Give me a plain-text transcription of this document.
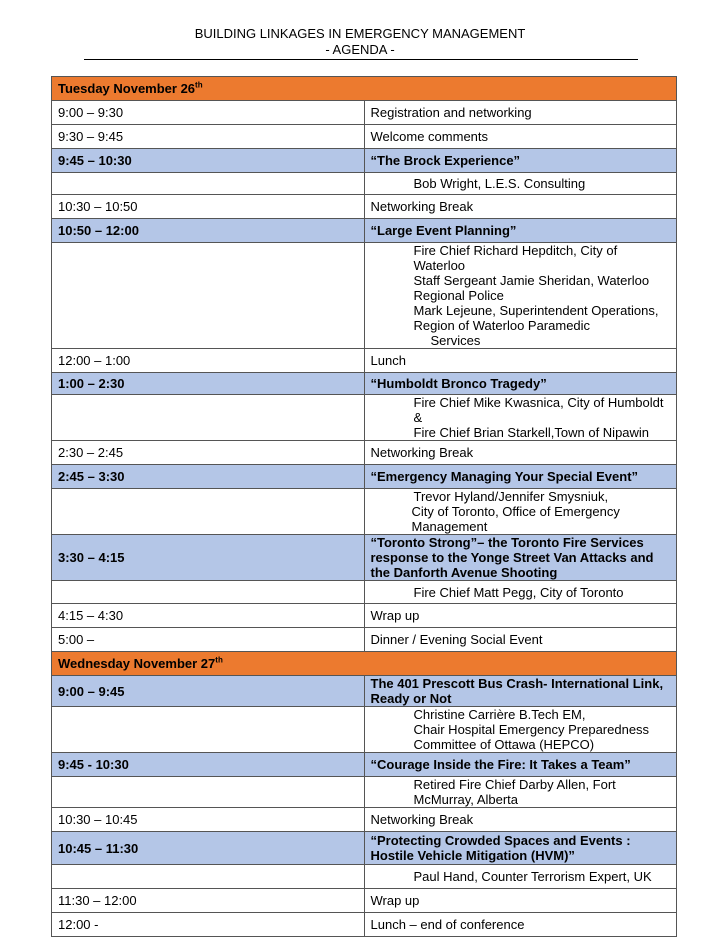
BUILDING LINKAGES IN EMERGENCY MANAGEMENT
- AGENDA -
Tuesday November 26th
9:00 – 9:30	Registration and networking
9:30 – 9:45	Welcome comments
9:45 – 10:30	“The Brock Experience”

	Bob Wright, L.E.S. Consulting

10:30 – 10:50	Networking Break
10:50 – 12:00	“Large Event Planning”

	Fire Chief Richard Hepditch, City of Waterloo
Staff Sergeant Jamie Sheridan, Waterloo Regional Police
Mark Lejeune, Superintendent Operations, Region of Waterloo Paramedic
Services

12:00 – 1:00	Lunch
1:00 – 2:30	“Humboldt Bronco Tragedy”

	Fire Chief Mike Kwasnica, City of Humboldt &
Fire Chief Brian Starkell,Town of Nipawin

2:30 – 2:45	Networking Break
2:45 – 3:30	“Emergency Managing Your Special Event”

	Trevor Hyland/Jennifer Smysniuk,
City of Toronto, Office of Emergency Management

3:30 – 4:15	“Toronto Strong”– the Toronto Fire Services response to the Yonge Street Van Attacks and the Danforth Avenue Shooting

	Fire Chief Matt Pegg, City of Toronto

4:15 – 4:30	Wrap up
5:00 –	Dinner / Evening Social Event
Wednesday November 27th
9:00 – 9:45	The 401 Prescott Bus Crash- International Link, Ready or Not

	Christine Carrière B.Tech EM,
Chair Hospital Emergency Preparedness Committee of Ottawa (HEPCO)

9:45 - 10:30	“Courage Inside the Fire: It Takes a Team”

	Retired Fire Chief Darby Allen, Fort McMurray, Alberta

10:30 – 10:45	Networking Break
10:45 – 11:30	“Protecting Crowded Spaces and Events : Hostile Vehicle Mitigation (HVM)”

	Paul Hand, Counter Terrorism Expert, UK

11:30 – 12:00	Wrap up
12:00 -	Lunch – end of conference
